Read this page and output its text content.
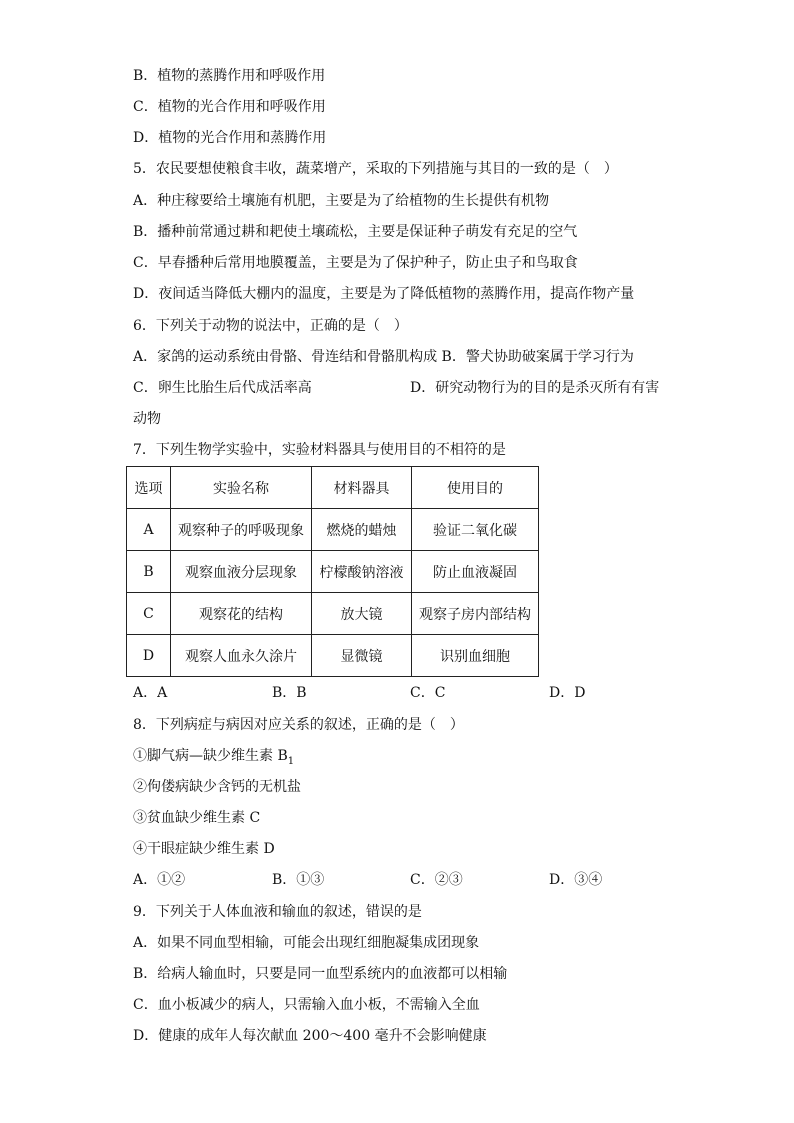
B．植物的蒸腾作用和呼吸作用
C．植物的光合作用和呼吸作用
D．植物的光合作用和蒸腾作用
5．农民要想使粮食丰收，蔬菜增产，采取的下列措施与其目的一致的是（　）
A．种庄稼要给土壤施有机肥，主要是为了给植物的生长提供有机物
B．播种前常通过耕和耙使土壤疏松，主要是保证种子萌发有充足的空气
C．早春播种后常用地膜覆盖，主要是为了保护种子，防止虫子和鸟取食
D．夜间适当降低大棚内的温度，主要是为了降低植物的蒸腾作用，提高作物产量
6．下列关于动物的说法中，正确的是（　）
A．家鸽的运动系统由骨骼、骨连结和骨骼肌构成 B．警犬协助破案属于学习行为
C．卵生比胎生后代成活率高	D．研究动物行为的目的是杀灭所有有害
动物
7．下列生物学实验中，实验材料器具与使用目的不相符的是
选项	实验名称	材料器具	使用目的
A	观察种子的呼吸现象	燃烧的蜡烛	验证二氧化碳
B	观察血液分层现象	柠檬酸钠溶液	防止血液凝固
C	观察花的结构	放大镜	观察子房内部结构
D	观察人血永久涂片	显微镜	识别血细胞
A．A	B．B	C．C	D．D
8．下列病症与病因对应关系的叙述，正确的是（　）
①脚气病—缺少维生素 $B_1$
②佝偻病缺少含钙的无机盐
③贫血缺少维生素 C
④干眼症缺少维生素 D
A．①②	B．①③	C．②③	D．③④
9．下列关于人体血液和输血的叙述，错误的是
A．如果不同血型相输，可能会出现红细胞凝集成团现象
B．给病人输血时，只要是同一血型系统内的血液都可以相输
C．血小板减少的病人，只需输入血小板，不需输入全血
D．健康的成年人每次献血 200～400 毫升不会影响健康
